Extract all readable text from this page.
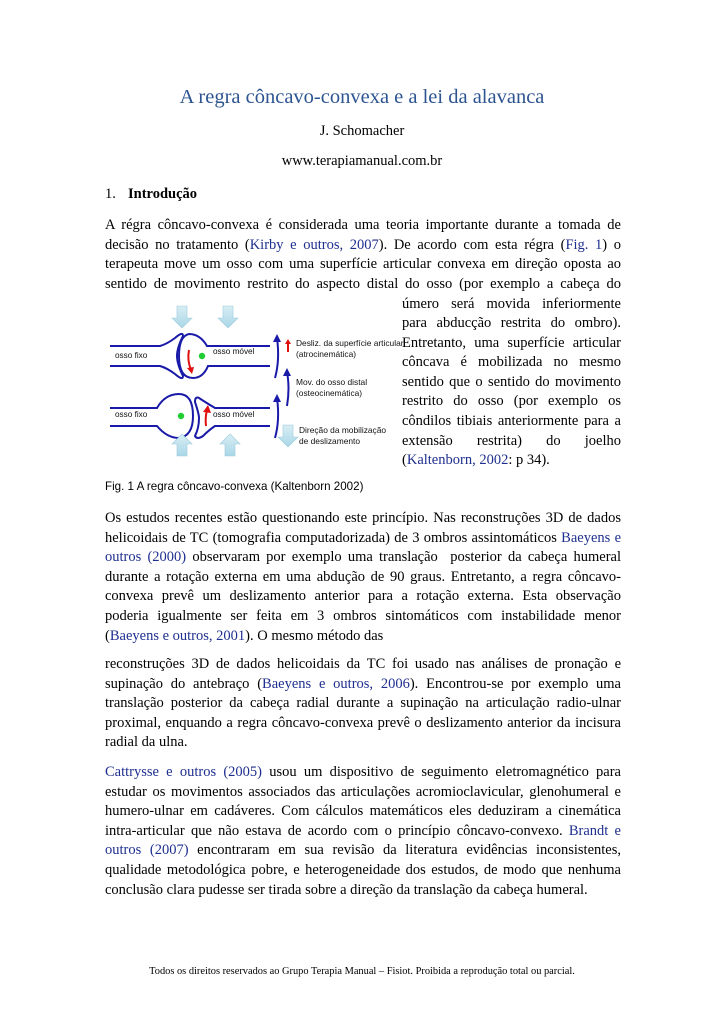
A regra côncavo-convexa e a lei da alavanca
J. Schomacher
www.terapiamanual.com.br
1. Introdução
A régra côncavo-convexa é considerada uma teoria importante durante a tomada de
decisão no tratamento (Kirby e outros, 2007). De acordo com esta régra (Fig. 1) o
terapeuta move um osso com uma superfície articular convexa em direção oposta ao
sentido de movimento restrito do aspecto distal do osso (por exemplo a cabeça do
úmero será movida inferiormente
para abducção restrita do ombro).
Entretanto, uma superfície articular
côncava é mobilizada no mesmo
sentido que o sentido do movimento
restrito do osso (por exemplo os
côndilos tibiais anteriormente para a
extensão restrita) do joelho
(Kaltenborn, 2002: p 34).
osso fixo	osso móvel
osso fixo	osso móvel
Desliz. da superfície articular
(atrocinemática)
Mov. do osso distal
(osteocinemática)
Direção da mobilização
de deslizamento
Fig. 1 A regra côncavo-convexa (Kaltenborn 2002)
Os estudos recentes estão questionando este princípio. Nas reconstruções 3D de dados
helicoidais de TC (tomografia computadorizada) de 3 ombros assintomáticos Baeyens e
outros (2000) observaram por exemplo uma translação  posterior da cabeça humeral
durante a rotação externa em uma abdução de 90 graus. Entretanto, a regra côncavo-
convexa prevê um deslizamento anterior para a rotação externa. Esta observação
poderia igualmente ser feita em 3 ombros sintomáticos com instabilidade menor
(Baeyens e outros, 2001). O mesmo método das
reconstruções 3D de dados helicoidais da TC foi usado nas análises de pronação e
supinação do antebraço (Baeyens e outros, 2006). Encontrou-se por exemplo uma
translação posterior da cabeça radial durante a supinação na articulação radio-ulnar
proximal, enquando a regra côncavo-convexa prevê o deslizamento anterior da incisura
radial da ulna.
Cattrysse e outros (2005) usou um dispositivo de seguimento eletromagnético para
estudar os movimentos associados das articulações acromioclavicular, glenohumeral e
humero-ulnar em cadáveres. Com cálculos matemáticos eles deduziram a cinemática
intra-articular que não estava de acordo com o princípio côncavo-convexo. Brandt e
outros (2007) encontraram em sua revisão da literatura evidências inconsistentes,
qualidade metodológica pobre, e heterogeneidade dos estudos, de modo que nenhuma
conclusão clara pudesse ser tirada sobre a direção da translação da cabeça humeral.
Todos os direitos reservados ao Grupo Terapia Manual – Fisiot. Proibida a reprodução total ou parcial.
